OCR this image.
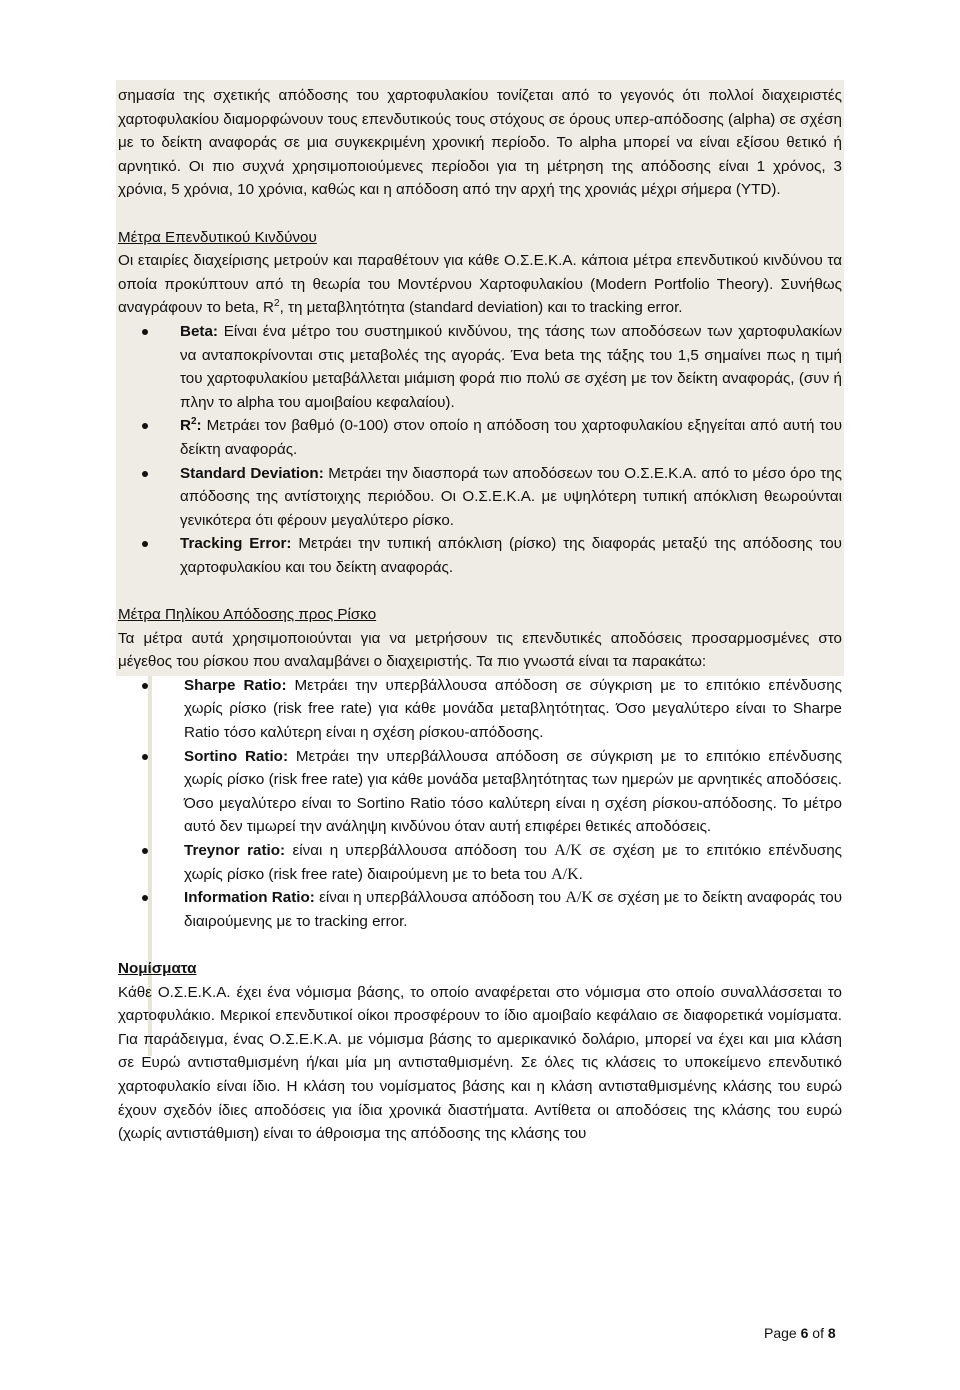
σημασία της σχετικής απόδοσης του χαρτοφυλακίου τονίζεται από το γεγονός ότι πολλοί διαχειριστές χαρτοφυλακίου διαμορφώνουν τους επενδυτικούς τους στόχους σε όρους υπερ-απόδοσης (alpha) σε σχέση με το δείκτη αναφοράς σε μια συγκεκριμένη χρονική περίοδο. Το alpha μπορεί να είναι εξίσου θετικό ή αρνητικό. Οι πιο συχνά χρησιμοποιούμενες περίοδοι για τη μέτρηση της απόδοσης είναι 1 χρόνος, 3 χρόνια, 5 χρόνια, 10 χρόνια, καθώς και η απόδοση από την αρχή της χρονιάς μέχρι σήμερα (YTD).

Μέτρα Επενδυτικού Κινδύνου

Οι εταιρίες διαχείρισης μετρούν και παραθέτουν για κάθε Ο.Σ.Ε.Κ.Α. κάποια μέτρα επενδυτικού κινδύνου τα οποία προκύπτουν από τη θεωρία του Μοντέρνου Χαρτοφυλακίου (Modern Portfolio Theory). Συνήθως αναγράφουν το beta, $R^2$, τη μεταβλητότητα (standard deviation) και το tracking error.

Beta: Είναι ένα μέτρο του συστημικού κινδύνου, της τάσης των αποδόσεων των χαρτοφυλακίων να ανταποκρίνονται στις μεταβολές της αγοράς. Ένα beta της τάξης του 1,5 σημαίνει πως η τιμή του χαρτοφυλακίου μεταβάλλεται μιάμιση φορά πιο πολύ σε σχέση με τον δείκτη αναφοράς, (συν ή πλην το alpha του αμοιβαίου κεφαλαίου).
$R^2$: Μετράει τον βαθμό (0-100) στον οποίο η απόδοση του χαρτοφυλακίου εξηγείται από αυτή του δείκτη αναφοράς.
Standard Deviation: Μετράει την διασπορά των αποδόσεων του Ο.Σ.Ε.Κ.Α. από το μέσο όρο της απόδοσης της αντίστοιχης περιόδου. Οι Ο.Σ.Ε.Κ.Α. με υψηλότερη τυπική απόκλιση θεωρούνται γενικότερα ότι φέρουν μεγαλύτερο ρίσκο.
Tracking Error: Μετράει την τυπική απόκλιση (ρίσκο) της διαφοράς μεταξύ της απόδοσης του χαρτοφυλακίου και του δείκτη αναφοράς.

Μέτρα Πηλίκου Απόδοσης προς Ρίσκο

Τα μέτρα αυτά χρησιμοποιούνται για να μετρήσουν τις επενδυτικές αποδόσεις προσαρμοσμένες στο μέγεθος του ρίσκου που αναλαμβάνει ο διαχειριστής. Τα πιο γνωστά είναι τα παρακάτω:

Sharpe Ratio: Μετράει την υπερβάλλουσα απόδοση σε σύγκριση με το επιτόκιο επένδυσης χωρίς ρίσκο (risk free rate) για κάθε μονάδα μεταβλητότητας. Όσο μεγαλύτερο είναι το Sharpe Ratio τόσο καλύτερη είναι η σχέση ρίσκου-απόδοσης.
Sortino Ratio: Μετράει την υπερβάλλουσα απόδοση σε σύγκριση με το επιτόκιο επένδυσης χωρίς ρίσκο (risk free rate) για κάθε μονάδα μεταβλητότητας των ημερών με αρνητικές αποδόσεις. Όσο μεγαλύτερο είναι το Sortino Ratio τόσο καλύτερη είναι η σχέση ρίσκου-απόδοσης. Το μέτρο αυτό δεν τιμωρεί την ανάληψη κινδύνου όταν αυτή επιφέρει θετικές αποδόσεις.
Treynor ratio: είναι η υπερβάλλουσα απόδοση του Α/Κ σε σχέση με το επιτόκιο επένδυσης χωρίς ρίσκο (risk free rate) διαιρούμενη με το beta του Α/Κ.
Information Ratio: είναι η υπερβάλλουσα απόδοση του Α/Κ σε σχέση με το δείκτη αναφοράς του διαιρούμενης με το tracking error.

Νομίσματα

Κάθε Ο.Σ.Ε.Κ.Α. έχει ένα νόμισμα βάσης, το οποίο αναφέρεται στο νόμισμα στο οποίο συναλλάσσεται το χαρτοφυλάκιο. Μερικοί επενδυτικοί οίκοι προσφέρουν το ίδιο αμοιβαίο κεφάλαιο σε διαφορετικά νομίσματα. Για παράδειγμα, ένας Ο.Σ.Ε.Κ.Α. με νόμισμα βάσης το αμερικανικό δολάριο, μπορεί να έχει και μια κλάση σε Ευρώ αντισταθμισμένη ή/και μία μη αντισταθμισμένη. Σε όλες τις κλάσεις το υποκείμενο επενδυτικό χαρτοφυλακίο είναι ίδιο. Η κλάση του νομίσματος βάσης και η κλάση αντισταθμισμένης κλάσης του ευρώ έχουν σχεδόν ίδιες αποδόσεις για ίδια χρονικά διαστήματα. Αντίθετα οι αποδόσεις της κλάσης του ευρώ (χωρίς αντιστάθμιση) είναι το άθροισμα της απόδοσης της κλάσης του

Page 6 of 8
